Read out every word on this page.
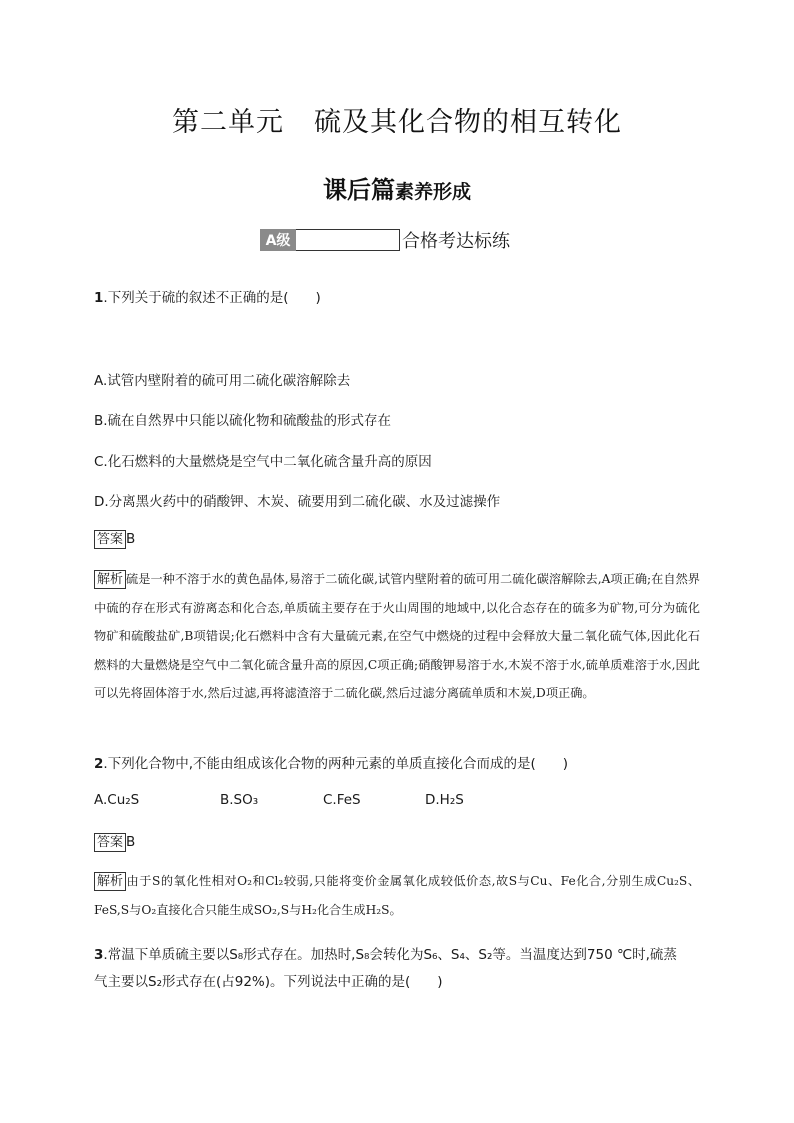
第二单元 硫及其化合物的相互转化
课后篇素养形成
A级	合格考达标练
1.下列关于硫的叙述不正确的是(　　)
A.试管内壁附着的硫可用二硫化碳溶解除去
B.硫在自然界中只能以硫化物和硫酸盐的形式存在
C.化石燃料的大量燃烧是空气中二氧化硫含量升高的原因
D.分离黑火药中的硝酸钾、木炭、硫要用到二硫化碳、水及过滤操作
答案 B
解析 硫是一种不溶于水的黄色晶体,易溶于二硫化碳,试管内壁附着的硫可用二硫化碳溶解除去,A项正确;在自然界中硫的存在形式有游离态和化合态,单质硫主要存在于火山周围的地域中,以化合态存在的硫多为矿物,可分为硫化物矿和硫酸盐矿,B项错误;化石燃料中含有大量硫元素,在空气中燃烧的过程中会释放大量二氧化硫气体,因此化石燃料的大量燃烧是空气中二氧化硫含量升高的原因,C项正确;硝酸钾易溶于水,木炭不溶于水,硫单质难溶于水,因此可以先将固体溶于水,然后过滤,再将滤渣溶于二硫化碳,然后过滤分离硫单质和木炭,D项正确。
2.下列化合物中,不能由组成该化合物的两种元素的单质直接化合而成的是(　　)
A.Cu₂S	B.SO₃	C.FeS	D.H₂S
答案 B
解析 由于S的氧化性相对O₂和Cl₂较弱,只能将变价金属氧化成较低价态,故S与Cu、Fe化合,分别生成Cu₂S、FeS,S与O₂直接化合只能生成SO₂,S与H₂化合生成H₂S。
3.常温下单质硫主要以S₈形式存在。加热时,S₈会转化为S₆、S₄、S₂等。当温度达到750 ℃时,硫蒸
气主要以S₂形式存在(占92%)。下列说法中正确的是(　　)
